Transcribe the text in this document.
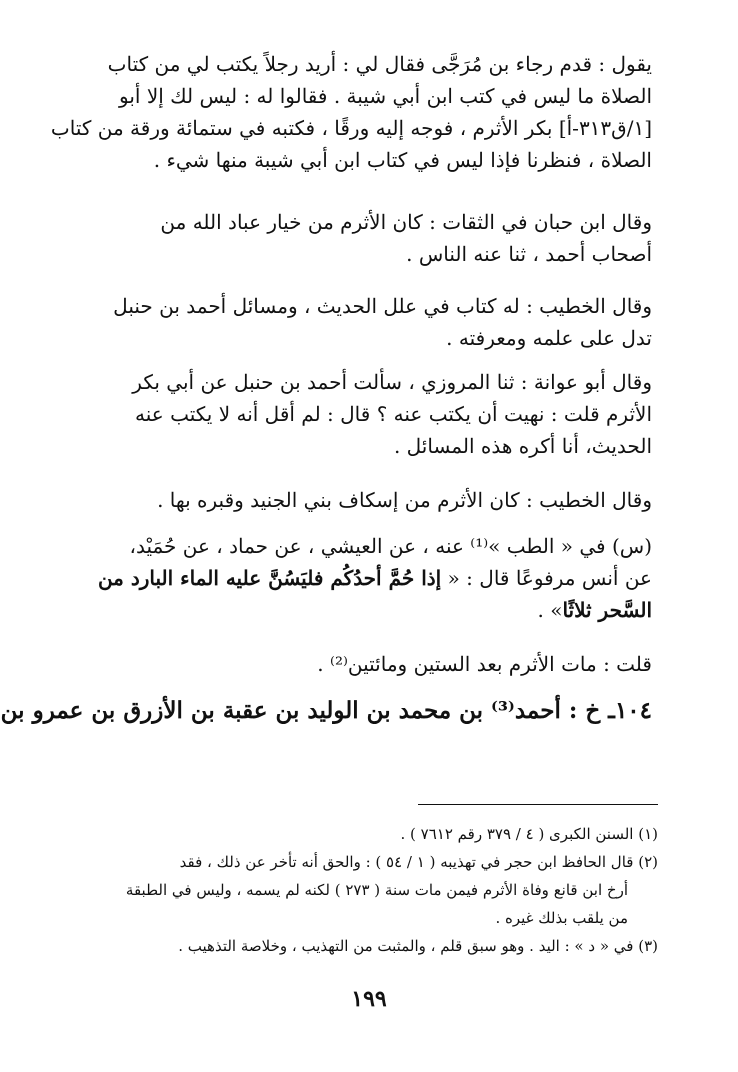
يقول : قدم رجاء بن مُرَجَّى فقال لي : أريد رجلاً يكتب لي من كتاب
الصلاة ما ليس في كتب ابن أبي شيبة . فقالوا له : ليس لك إلا أبو
[١/ق٣١٣-أ] بكر الأثرم ، فوجه إليه ورقًا ، فكتبه في ستمائة ورقة من كتاب
الصلاة ، فنظرنا فإذا ليس في كتاب ابن أبي شيبة منها شيء .
وقال ابن حبان في الثقات : كان الأثرم من خيار عباد الله من
أصحاب أحمد ، ثنا عنه الناس .
وقال الخطيب : له كتاب في علل الحديث ، ومسائل أحمد بن حنبل
تدل على علمه ومعرفته .
وقال أبو عوانة : ثنا المروزي ، سألت أحمد بن حنبل عن أبي بكر
الأثرم قلت : نهيت أن يكتب عنه ؟ قال : لم أقل أنه لا يكتب عنه
الحديث، أنا أكره هذه المسائل .
وقال الخطيب : كان الأثرم من إسكاف بني الجنيد وقبره بها .
(س) في « الطب »⁽¹⁾ عنه ، عن العيشي ، عن حماد ، عن حُمَيْد،
عن أنس مرفوعًا قال : « إذا حُمَّ أحدُكُم فليَسُنَّ عليه الماء البارد من
السَّحر ثلاثًا» .
قلت : مات الأثرم بعد الستين ومائتين⁽²⁾ .
١٠٤ـ خ : أحمد⁽³⁾ بن محمد بن الوليد بن عقبة بن الأزرق بن عمرو بن
(١) السنن الكبرى ( ٤ / ٣٧٩ رقم ٧٦١٢ ) .
(٢) قال الحافظ ابن حجر في تهذيبه ( ١ / ٥٤ ) : والحق أنه تأخر عن ذلك ، فقد
أرخ ابن قانع وفاة الأثرم فيمن مات سنة ( ٢٧٣ ) لكنه لم يسمه ، وليس في الطبقة
من يلقب بذلك غيره .
(٣) في « د » : اليد . وهو سبق قلم ، والمثبت من التهذيب ، وخلاصة التذهيب .
١٩٩
